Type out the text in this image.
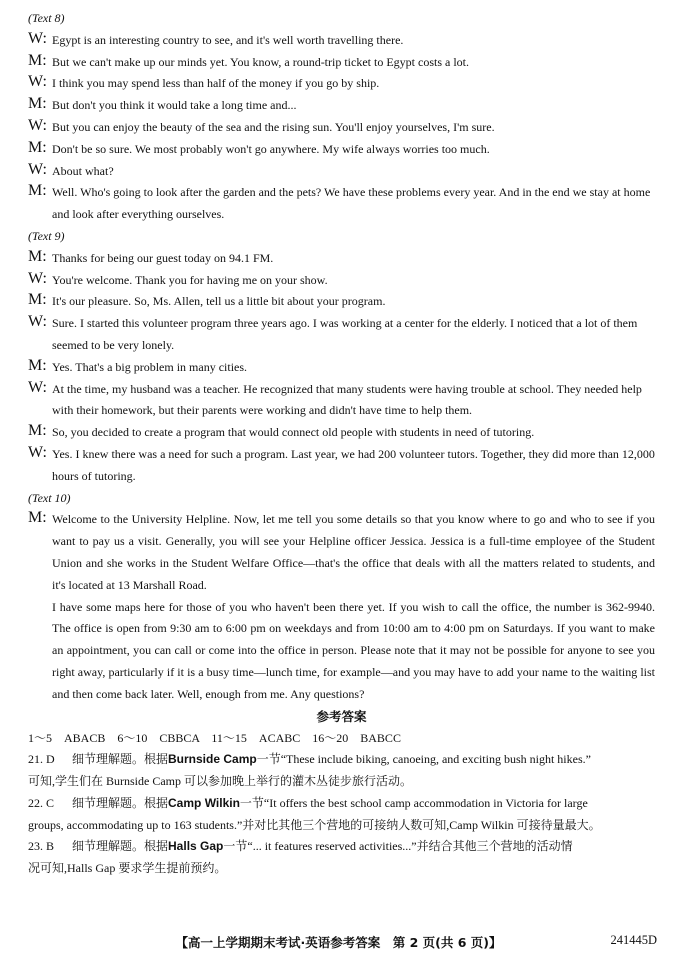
(Text 8)
W: Egypt is an interesting country to see, and it's well worth travelling there.
M: But we can't make up our minds yet. You know, a round-trip ticket to Egypt costs a lot.
W: I think you may spend less than half of the money if you go by ship.
M: But don't you think it would take a long time and...
W: But you can enjoy the beauty of the sea and the rising sun. You'll enjoy yourselves, I'm sure.
M: Don't be so sure. We most probably won't go anywhere. My wife always worries too much.
W: About what?
M: Well. Who's going to look after the garden and the pets? We have these problems every year. And in the end we stay at home and look after everything ourselves.
(Text 9)
M: Thanks for being our guest today on 94.1 FM.
W: You're welcome. Thank you for having me on your show.
M: It's our pleasure. So, Ms. Allen, tell us a little bit about your program.
W: Sure. I started this volunteer program three years ago. I was working at a center for the elderly. I noticed that a lot of them seemed to be very lonely.
M: Yes. That's a big problem in many cities.
W: At the time, my husband was a teacher. He recognized that many students were having trouble at school. They needed help with their homework, but their parents were working and didn't have time to help them.
M: So, you decided to create a program that would connect old people with students in need of tutoring.
W: Yes. I knew there was a need for such a program. Last year, we had 200 volunteer tutors. Together, they did more than 12,000 hours of tutoring.
(Text 10)
M: Welcome to the University Helpline. Now, let me tell you some details so that you know where to go and who to see if you want to pay us a visit. Generally, you will see your Helpline officer Jessica. Jessica is a full-time employee of the Student Union and she works in the Student Welfare Office—that's the office that deals with all the matters related to students, and it's located at 13 Marshall Road.
I have some maps here for those of you who haven't been there yet. If you wish to call the office, the number is 362-9940. The office is open from 9:30 am to 6:00 pm on weekdays and from 10:00 am to 4:00 pm on Saturdays. If you want to make an appointment, you can call or come into the office in person. Please note that it may not be possible for anyone to see you right away, particularly if it is a busy time—lunch time, for example—and you may have to add your name to the waiting list and then come back later. Well, enough from me. Any questions?
参考答案
1～5　ABACB　6～10　CBBCA　11～15　ACABC　16～20　BABCC
21. D	细节理解题。根据Burnside Camp一节“These include biking, canoeing, and exciting bush night hikes.”
可知,学生们在 Burnside Camp 可以参加晚上举行的灌木丛徒步旅行活动。
22. C	细节理解题。根据Camp Wilkin一节“It offers the best school camp accommodation in Victoria for large
groups, accommodating up to 163 students.”并对比其他三个营地的可接纳人数可知,Camp Wilkin 可接待量最大。
23. B	细节理解题。根据Halls Gap一节“... it features reserved activities...”并结合其他三个营地的活动情
况可知,Halls Gap 要求学生提前预约。
【高一上学期期末考试·英语参考答案　第 2 页(共 6 页)】	241445D
